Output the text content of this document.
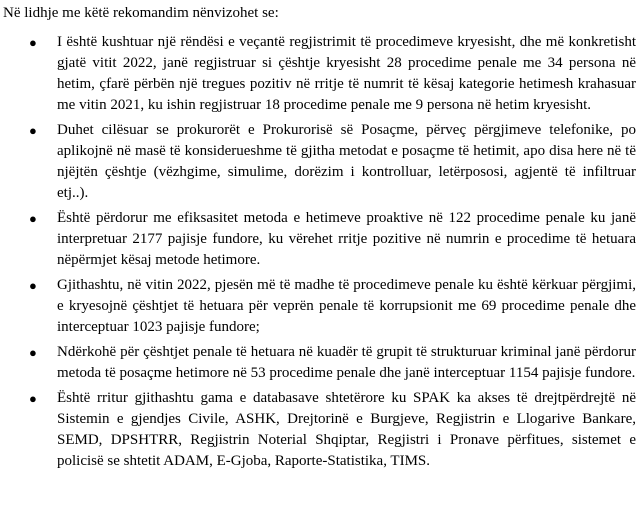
Në lidhje me këtë rekomandim nënvizohet se:
● I është kushtuar një rëndësi e veçantë regjistrimit të procedimeve kryesisht, dhe më konkretisht gjatë vitit 2022, janë regjistruar si çështje kryesisht 28 procedime penale me 34 persona në hetim, çfarë përbën një tregues pozitiv në rritje të numrit të kësaj kategorie hetimesh krahasuar me vitin 2021, ku ishin regjistruar 18 procedime penale me 9 persona në hetim kryesisht.
● Duhet cilësuar se prokurorët e Prokurorisë së Posaçme, përveç përgjimeve telefonike, po aplikojnë në masë të konsiderueshme të gjitha metodat e posaçme të hetimit, apo disa here në të njëjtën çështje (vëzhgime, simulime, dorëzim i kontrolluar, letërpososi, agjentë të infiltruar etj..).
● Është përdorur me efiksasitet metoda e hetimeve proaktive në 122 procedime penale ku janë interpretuar 2177 pajisje fundore, ku vërehet rritje pozitive në numrin e procedime të hetuara nëpërmjet kësaj metode hetimore.
● Gjithashtu, në vitin 2022, pjesën më të madhe të procedimeve penale ku është kërkuar përgjimi, e kryesojnë çështjet të hetuara për veprën penale të korrupsionit me 69 procedime penale dhe interceptuar 1023 pajisje fundore;
● Ndërkohë për çështjet penale të hetuara në kuadër të grupit të strukturuar kriminal janë përdorur metoda të posaçme hetimore në 53 procedime penale dhe janë interceptuar 1154 pajisje fundore.
● Është rritur gjithashtu gama e databasave shtetërore ku SPAK ka akses të drejtpërdrejtë në Sistemin e gjendjes Civile, ASHK, Drejtorinë e Burgjeve, Regjistrin e Llogarive Bankare, SEMD, DPSHTRR, Regjistrin Noterial Shqiptar, Regjistri i Pronave përfitues, sistemet e policisë se shtetit ADAM, E-Gjoba, Raporte-Statistika, TIMS.
